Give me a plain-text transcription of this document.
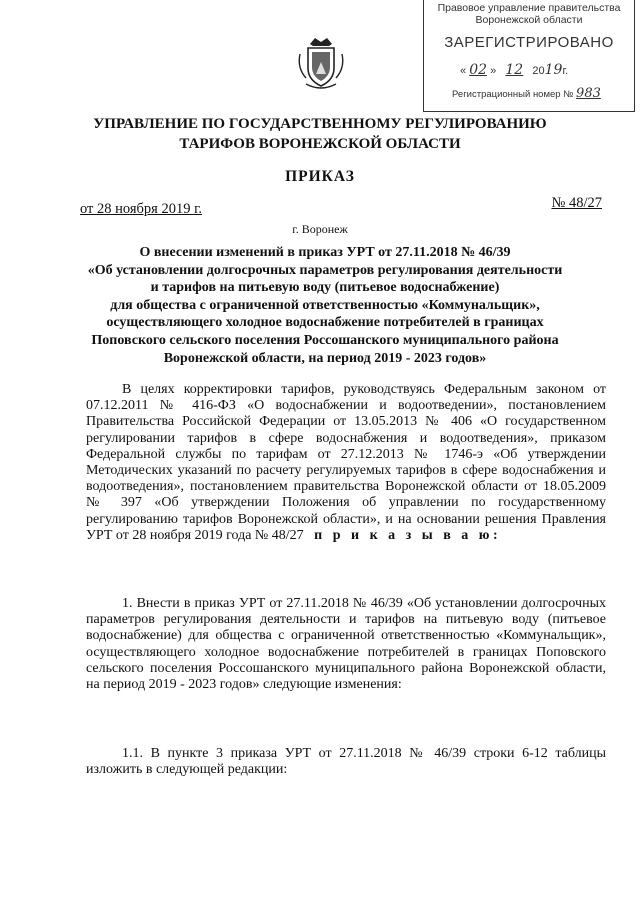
Правовое управление правительства
Воронежской области
ЗАРЕГИСТРИРОВАНО
« 02 » 12 2019г.
Регистрационный номер № 983
УПРАВЛЕНИЕ ПО ГОСУДАРСТВЕННОМУ РЕГУЛИРОВАНИЮ
ТАРИФОВ ВОРОНЕЖСКОЙ ОБЛАСТИ
ПРИКАЗ
от 28 ноября 2019 г.	№ 48/27
г. Воронеж
О внесении изменений в приказ УРТ от 27.11.2018 № 46/39
«Об установлении долгосрочных параметров регулирования деятельности
и тарифов на питьевую воду (питьевое водоснабжение)
для общества с ограниченной ответственностью «Коммунальщик»,
осуществляющего холодное водоснабжение потребителей в границах
Поповского сельского поселения Россошанского муниципального района
Воронежской области, на период 2019 - 2023 годов»
В целях корректировки тарифов, руководствуясь Федеральным законом от 07.12.2011 № 416-ФЗ «О водоснабжении и водоотведении», постановлением Правительства Российской Федерации от 13.05.2013 № 406 «О государственном регулировании тарифов в сфере водоснабжения и водоотведения», приказом Федеральной службы по тарифам от 27.12.2013 № 1746-э «Об утверждении Методических указаний по расчету регулируемых тарифов в сфере водоснабжения и водоотведения», постановлением правительства Воронежской области от 18.05.2009 № 397 «Об утверждении Положения об управлении по государственному регулированию тарифов Воронежской области», и на основании решения Правления УРТ от 28 ноября 2019 года № 48/27 п р и к а з ы в а ю:
1. Внести в приказ УРТ от 27.11.2018 № 46/39 «Об установлении долгосрочных параметров регулирования деятельности и тарифов на питьевую воду (питьевое водоснабжение) для общества с ограниченной ответственностью «Коммунальщик», осуществляющего холодное водоснабжение потребителей в границах Поповского сельского поселения Россошанского муниципального района Воронежской области, на период 2019 - 2023 годов» следующие изменения:
1.1. В пункте 3 приказа УРТ от 27.11.2018 № 46/39 строки 6-12 таблицы изложить в следующей редакции:
